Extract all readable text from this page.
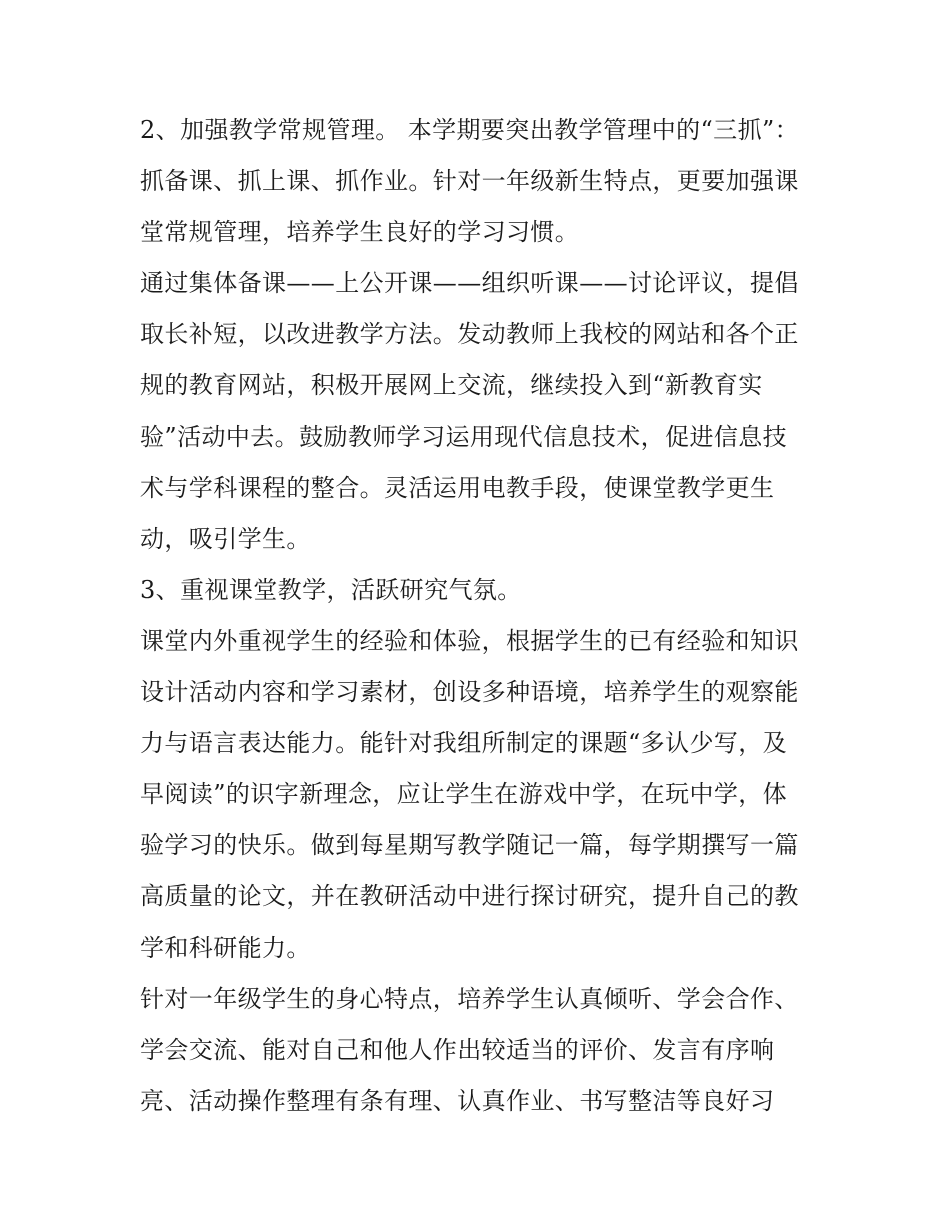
2、加强教学常规管理。 本学期要突出教学管理中的“三抓”：
抓备课、抓上课、抓作业。针对一年级新生特点，更要加强课
堂常规管理，培养学生良好的学习习惯。
通过集体备课——上公开课——组织听课——讨论评议，提倡
取长补短，以改进教学方法。发动教师上我校的网站和各个正
规的教育网站，积极开展网上交流，继续投入到“新教育实
验”活动中去。鼓励教师学习运用现代信息技术，促进信息技
术与学科课程的整合。灵活运用电教手段，使课堂教学更生
动，吸引学生。
3、重视课堂教学，活跃研究气氛。
课堂内外重视学生的经验和体验，根据学生的已有经验和知识
设计活动内容和学习素材，创设多种语境，培养学生的观察能
力与语言表达能力。能针对我组所制定的课题“多认少写，及
早阅读”的识字新理念，应让学生在游戏中学，在玩中学，体
验学习的快乐。做到每星期写教学随记一篇，每学期撰写一篇
高质量的论文，并在教研活动中进行探讨研究，提升自己的教
学和科研能力。
针对一年级学生的身心特点，培养学生认真倾听、学会合作、
学会交流、能对自己和他人作出较适当的评价、发言有序响
亮、活动操作整理有条有理、认真作业、书写整洁等良好习
